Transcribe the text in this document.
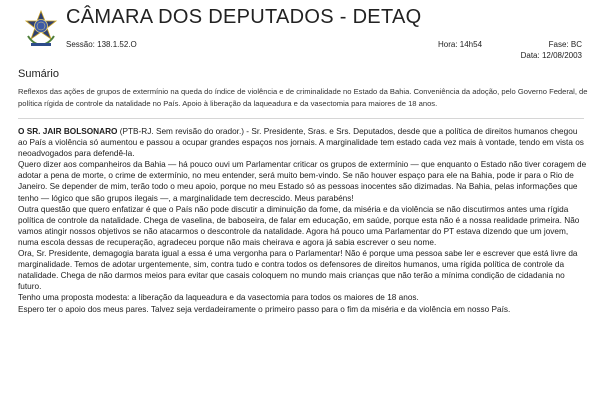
CÂMARA DOS DEPUTADOS - DETAQ
Sessão: 138.1.52.O	Hora: 14h54	Fase: BC
Data: 12/08/2003
Sumário
Reflexos das ações de grupos de extermínio na queda do índice de violência e de criminalidade no Estado da Bahia. Conveniência da adoção, pelo Governo Federal, de política rígida de controle da natalidade no País. Apoio à liberação da laqueadura e da vasectomia para maiores de 18 anos.

O SR. JAIR BOLSONARO (PTB-RJ. Sem revisão do orador.) - Sr. Presidente, Sras. e Srs. Deputados, desde que a política de direitos humanos chegou ao País a violência só aumentou e passou a ocupar grandes espaços nos jornais. A marginalidade tem estado cada vez mais à vontade, tendo em vista os neoadvogados para defendê-la.

Quero dizer aos companheiros da Bahia — há pouco ouvi um Parlamentar criticar os grupos de extermínio — que enquanto o Estado não tiver coragem de adotar a pena de morte, o crime de extermínio, no meu entender, será muito bem-vindo. Se não houver espaço para ele na Bahia, pode ir para o Rio de Janeiro. Se depender de mim, terão todo o meu apoio, porque no meu Estado só as pessoas inocentes são dizimadas. Na Bahia, pelas informações que tenho — lógico que são grupos ilegais —, a marginalidade tem decrescido. Meus parabéns!

Outra questão que quero enfatizar é que o País não pode discutir a diminuição da fome, da miséria e da violência se não discutirmos antes uma rígida política de controle da natalidade. Chega de vaselina, de baboseira, de falar em educação, em saúde, porque esta não é a nossa realidade primeira. Não vamos atingir nossos objetivos se não atacarmos o descontrole da natalidade. Agora há pouco uma Parlamentar do PT estava dizendo que um jovem, numa escola dessas de recuperação, agradeceu porque não mais cheirava e agora já sabia escrever o seu nome.

Ora, Sr. Presidente, demagogia barata igual a essa é uma vergonha para o Parlamentar! Não é porque uma pessoa sabe ler e escrever que está livre da marginalidade. Temos de adotar urgentemente, sim, contra tudo e contra todos os defensores de direitos humanos, uma rígida política de controle da natalidade. Chega de não darmos meios para evitar que casais coloquem no mundo mais crianças que não terão a mínima condição de cidadania no futuro.

Tenho uma proposta modesta: a liberação da laqueadura e da vasectomia para todos os maiores de 18 anos.

Espero ter o apoio dos meus pares. Talvez seja verdadeiramente o primeiro passo para o fim da miséria e da violência em nosso País.
